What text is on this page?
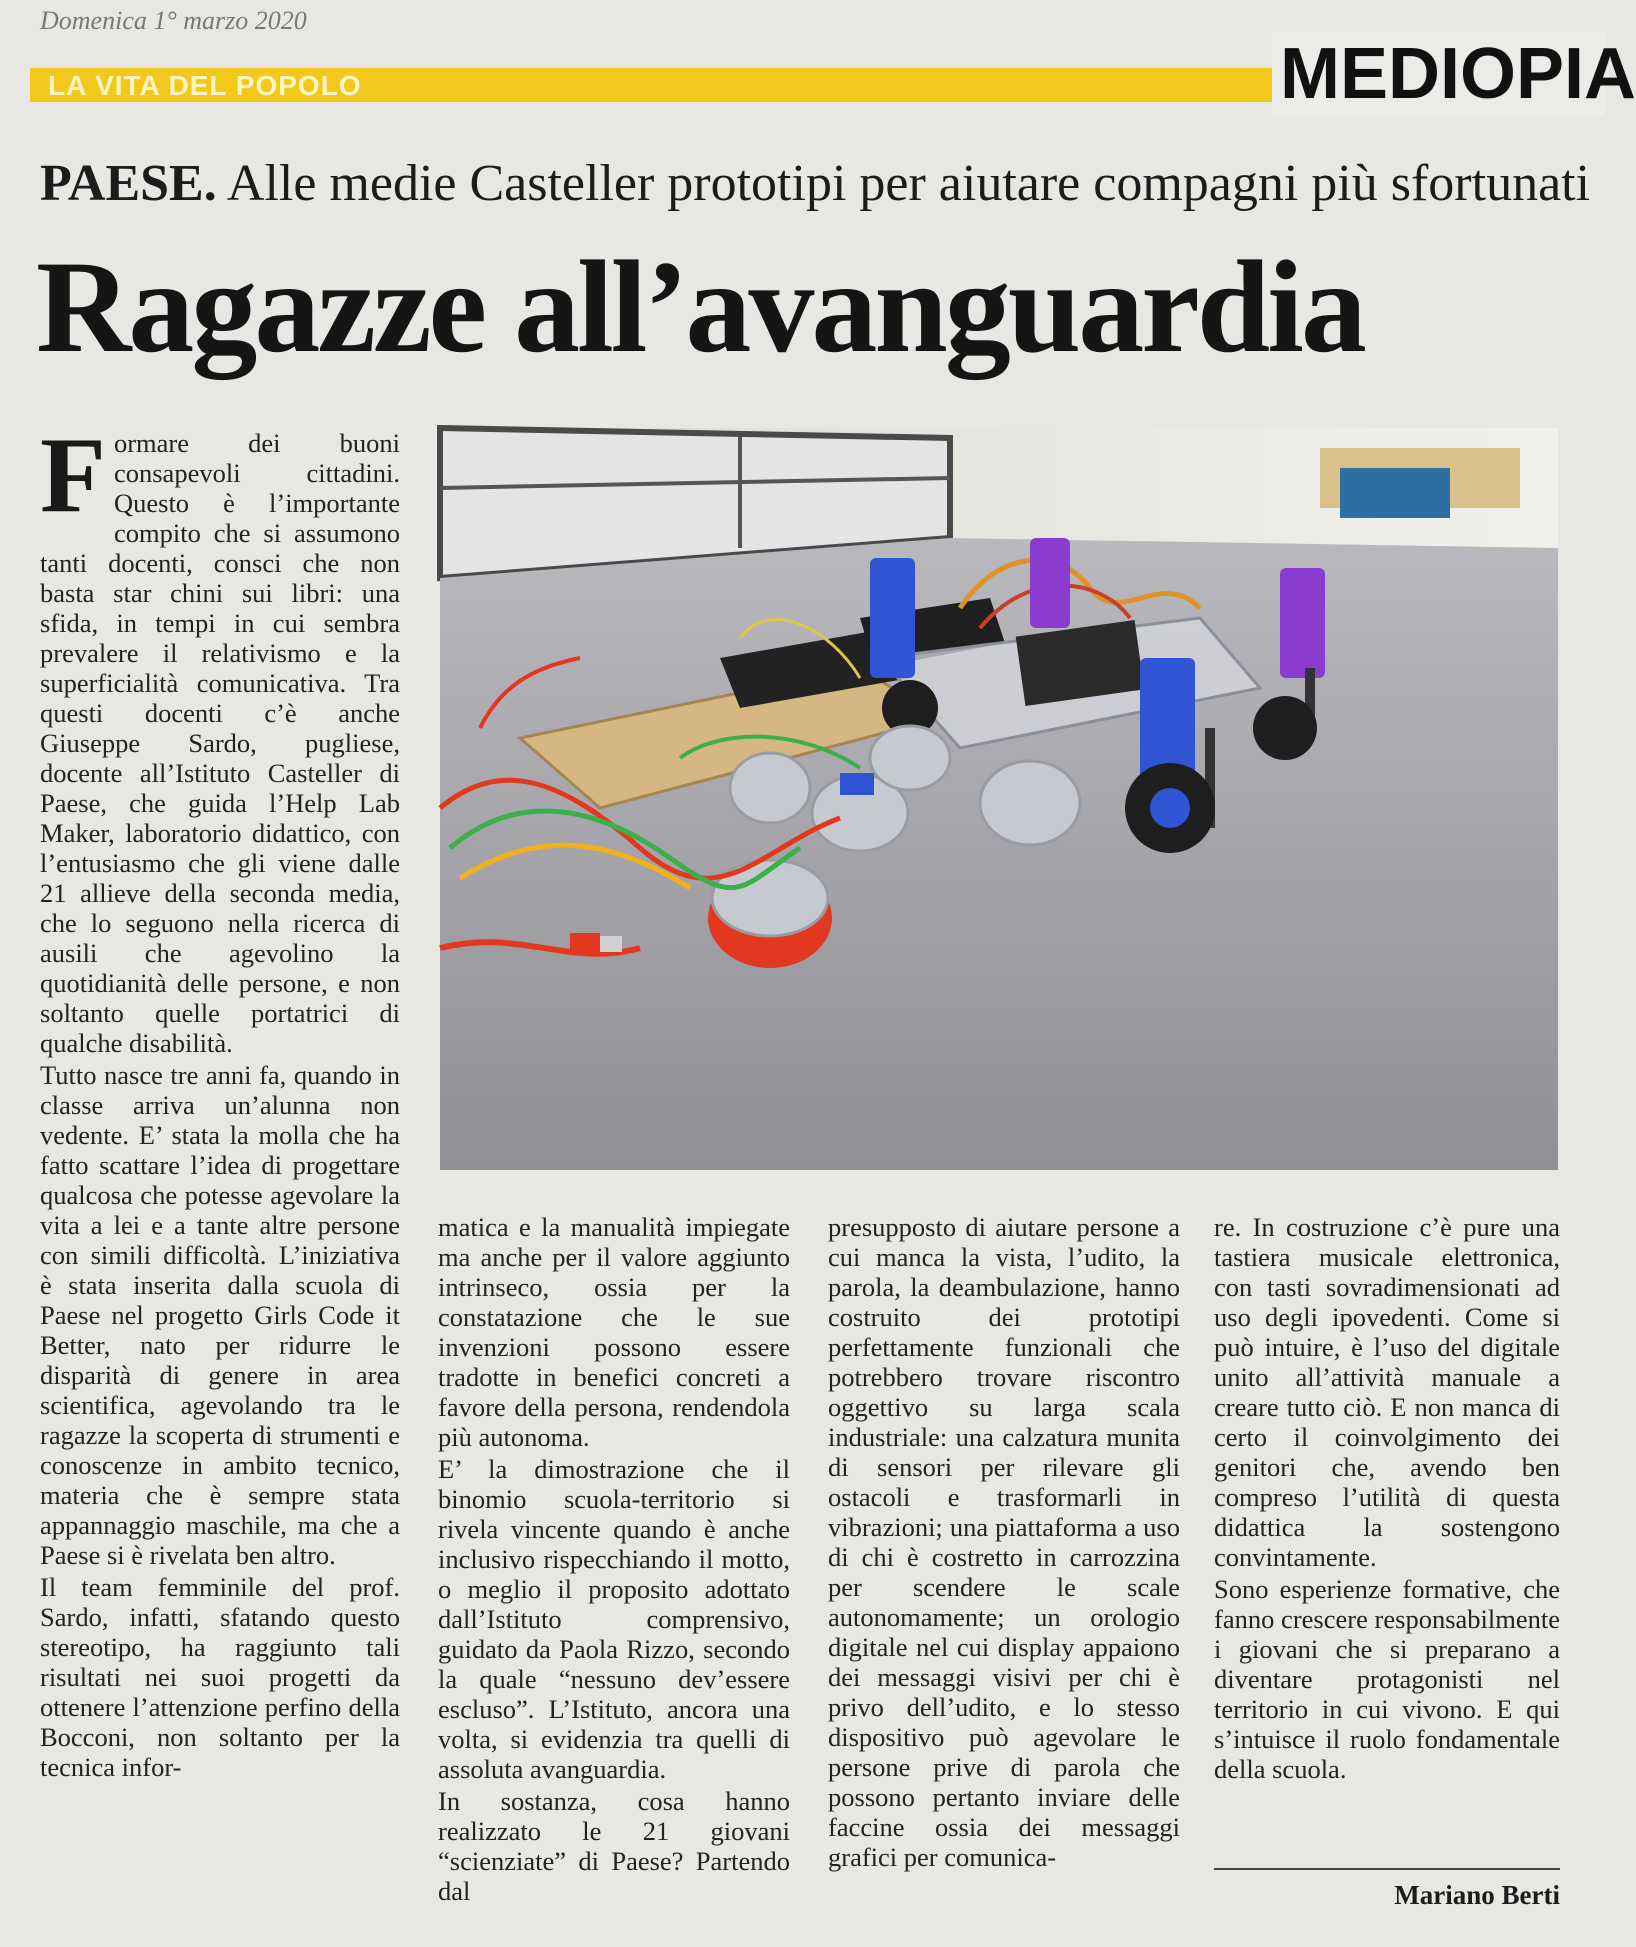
Domenica 1° marzo 2020
LA VITA DEL POPOLO	MEDIOPIA
PAESE. Alle medie Casteller prototipi per aiutare compagni più sfortunati
Ragazze all’avanguardia

Formare dei buoni consapevoli cittadini. Questo è l’importante compito che si assumono tanti docenti, consci che non basta star chini sui libri: una sfida, in tempi in cui sembra prevalere il relativismo e la superficialità comunicativa. Tra questi docenti c’è anche Giuseppe Sardo, pugliese, docente all’Istituto Casteller di Paese, che guida l’Help Lab Maker, laboratorio didattico, con l’entusiasmo che gli viene dalle 21 allieve della seconda media, che lo seguono nella ricerca di ausili che agevolino la quotidianità delle persone, e non soltanto quelle portatrici di qualche disabilità.

Tutto nasce tre anni fa, quando in classe arriva un’alunna non vedente. E’ stata la molla che ha fatto scattare l’idea di progettare qualcosa che potesse agevolare la vita a lei e a tante altre persone con simili difficoltà. L’iniziativa è stata inserita dalla scuola di Paese nel progetto Girls Code it Better, nato per ridurre le disparità di genere in area scientifica, agevolando tra le ragazze la scoperta di strumenti e conoscenze in ambito tecnico, materia che è sempre stata appannaggio maschile, ma che a Paese si è rivelata ben altro.

Il team femminile del prof. Sardo, infatti, sfatando questo stereotipo, ha raggiunto tali risultati nei suoi progetti da ottenere l’attenzione perfino della Bocconi, non soltanto per la tecnica infor-

matica e la manualità impiegate ma anche per il valore aggiunto intrinseco, ossia per la constatazione che le sue invenzioni possono essere tradotte in benefici concreti a favore della persona, rendendola più autonoma.

E’ la dimostrazione che il binomio scuola-territorio si rivela vincente quando è anche inclusivo rispecchiando il motto, o meglio il proposito adottato dall’Istituto comprensivo, guidato da Paola Rizzo, secondo la quale “nessuno dev’essere escluso”. L’Istituto, ancora una volta, si evidenzia tra quelli di assoluta avanguardia.

In sostanza, cosa hanno realizzato le 21 giovani “scienziate” di Paese? Partendo dal

presupposto di aiutare persone a cui manca la vista, l’udito, la parola, la deambulazione, hanno costruito dei prototipi perfettamente funzionali che potrebbero trovare riscontro oggettivo su larga scala industriale: una calzatura munita di sensori per rilevare gli ostacoli e trasformarli in vibrazioni; una piattaforma a uso di chi è costretto in carrozzina per scendere le scale autonomamente; un orologio digitale nel cui display appaiono dei messaggi visivi per chi è privo dell’udito, e lo stesso dispositivo può agevolare le persone prive di parola che possono pertanto inviare delle faccine ossia dei messaggi grafici per comunica-

re. In costruzione c’è pure una tastiera musicale elettronica, con tasti sovradimensionati ad uso degli ipovedenti. Come si può intuire, è l’uso del digitale unito all’attività manuale a creare tutto ciò. E non manca di certo il coinvolgimento dei genitori che, avendo ben compreso l’utilità di questa didattica la sostengono convintamente.

Sono esperienze formative, che fanno crescere responsabilmente i giovani che si preparano a diventare protagonisti nel territorio in cui vivono. E qui s’intuisce il ruolo fondamentale della scuola.

Mariano Berti
